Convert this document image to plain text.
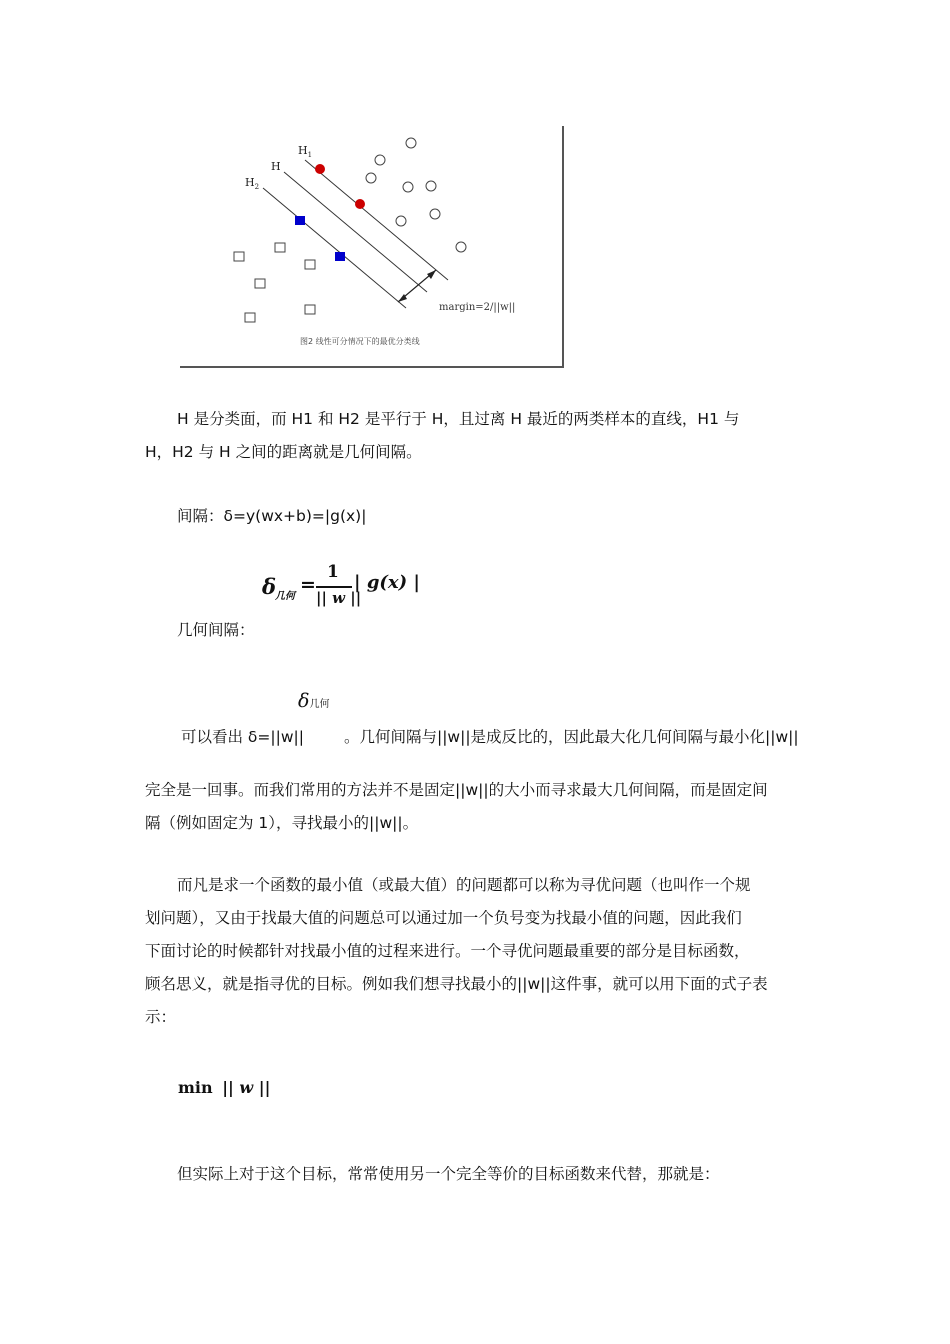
$H_1$
H
$H_2$
margin=2/||w||
图2 线性可分情况下的最优分类线
H 是分类面，而 H1 和 H2 是平行于 H，且过离 H 最近的两类样本的直线，H1 与
H，H2 与 H 之间的距离就是几何间隔。
间隔：δ=y(wx+b)=|g(x)|
δ
几何
=
1
|| w ||
| g(x) |
几何间隔：
δ几何
可以看出 δ=||w||	。几何间隔与||w||是成反比的，因此最大化几何间隔与最小化||w||
完全是一回事。而我们常用的方法并不是固定||w||的大小而寻求最大几何间隔，而是固定间
隔（例如固定为 1），寻找最小的||w||。
而凡是求一个函数的最小值（或最大值）的问题都可以称为寻优问题（也叫作一个规
划问题），又由于找最大值的问题总可以通过加一个负号变为找最小值的问题，因此我们
下面讨论的时候都针对找最小值的过程来进行。一个寻优问题最重要的部分是目标函数，
顾名思义，就是指寻优的目标。例如我们想寻找最小的||w||这件事，就可以用下面的式子表
示：
min || w ||
但实际上对于这个目标，常常使用另一个完全等价的目标函数来代替，那就是：
